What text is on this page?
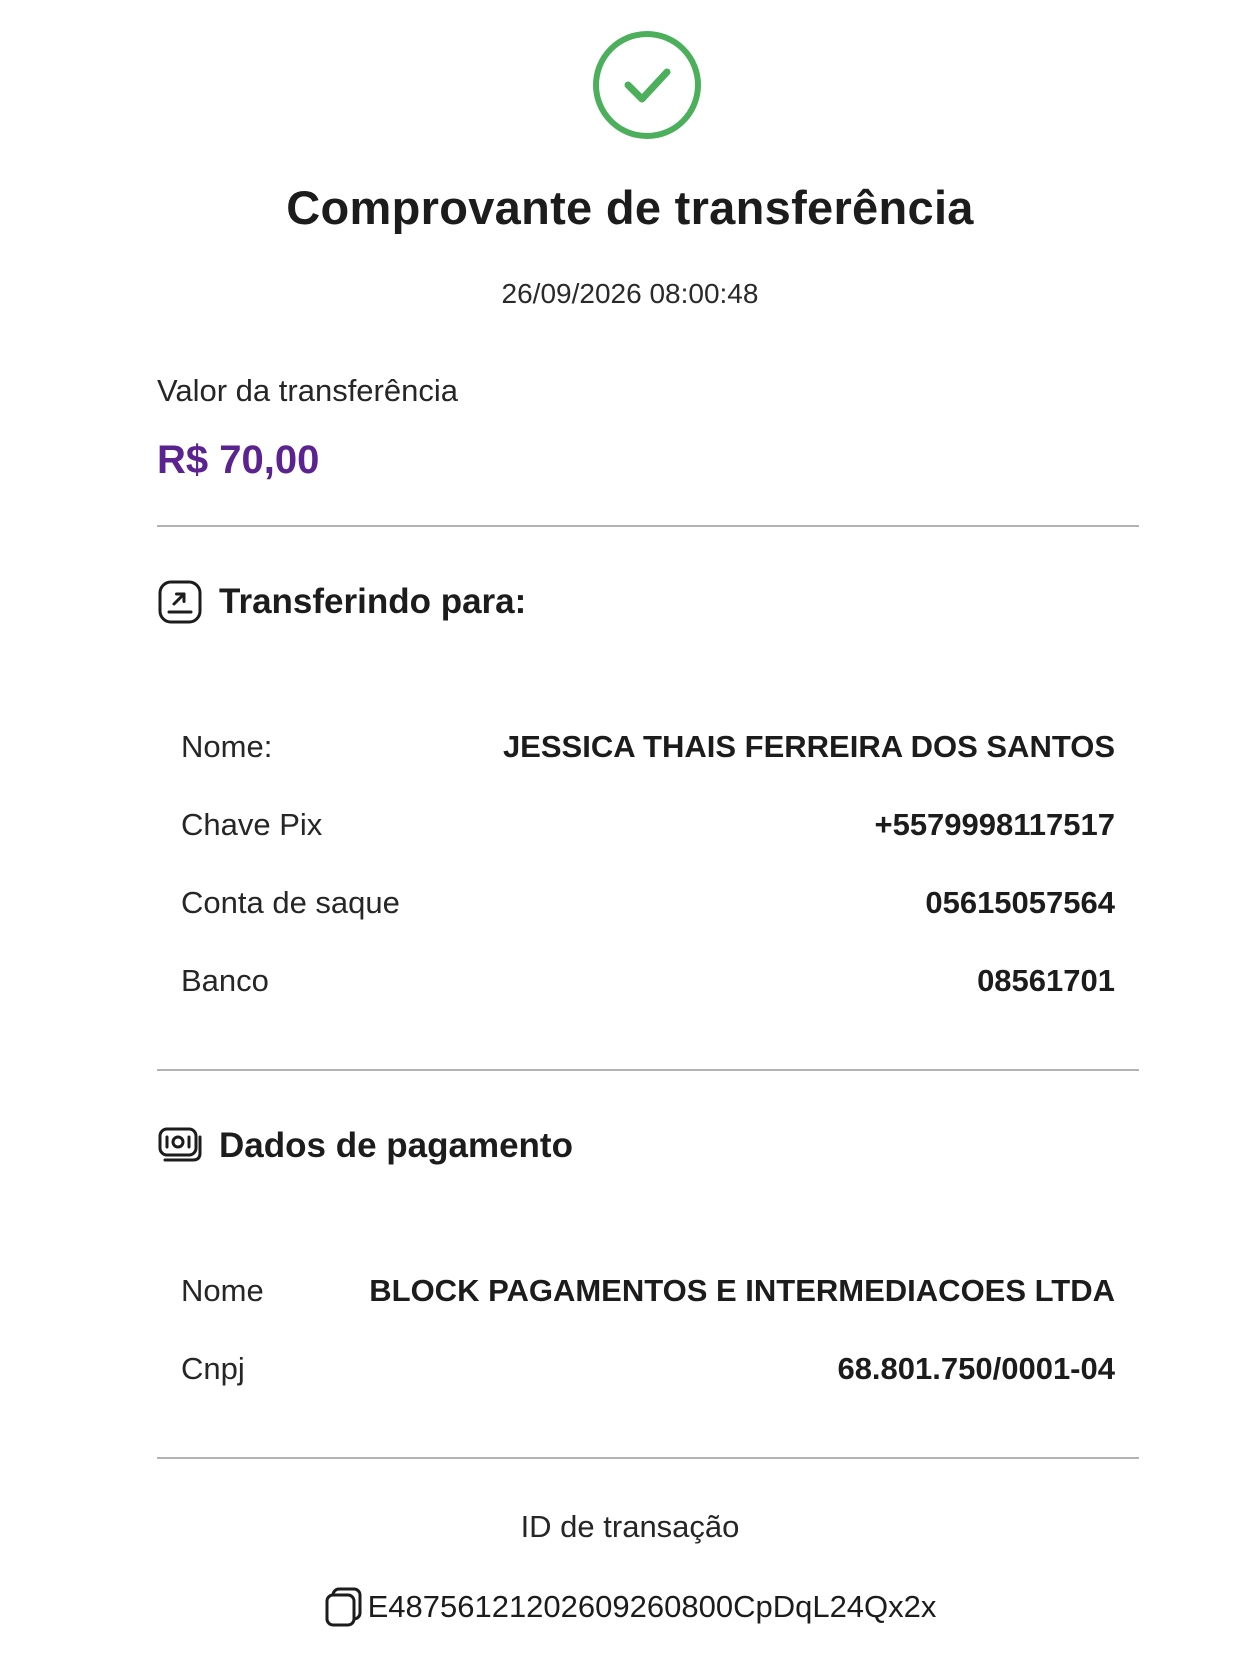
Comprovante de transferência
26/09/2026 08:00:48
Valor da transferência
R$ 70,00
Transferindo para:
Nome:	JESSICA THAIS FERREIRA DOS SANTOS
Chave Pix	+5579998117517
Conta de saque	05615057564
Banco	08561701
Dados de pagamento
Nome	BLOCK PAGAMENTOS E INTERMEDIACOES LTDA
Cnpj	68.801.750/0001-04
ID de transação
E48756121202609260800CpDqL24Qx2x
